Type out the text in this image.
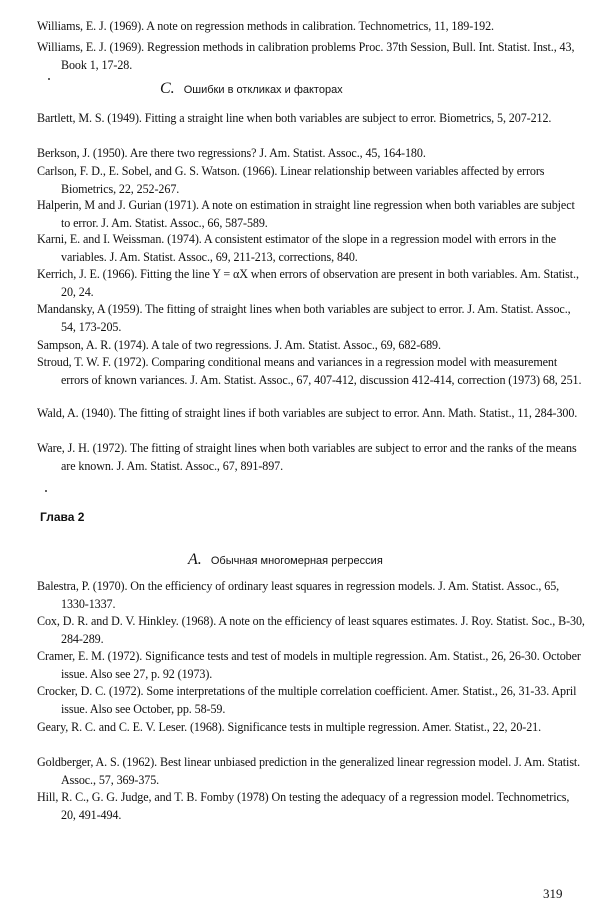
Williams, E. J. (1969). A note on regression methods in calibration. Technometrics, 11, 189-192.
Williams, E. J. (1969). Regression methods in calibration problems Proc. 37th Session, Bull. Int. Statist. Inst., 43, Book 1, 17-28.
C. Ошибки в откликах и факторах
Bartlett, M. S. (1949). Fitting a straight line when both variables are subject to error. Biometrics, 5, 207-212.
Berkson, J. (1950). Are there two regressions? J. Am. Statist. Assoc., 45, 164-180.
Carlson, F. D., E. Sobel, and G. S. Watson. (1966). Linear relationship between variables affected by errors Biometrics, 22, 252-267.
Halperin, M and J. Gurian (1971). A note on estimation in straight line regression when both variables are subject to error. J. Am. Statist. Assoc., 66, 587-589.
Karni, E. and I. Weissman. (1974). A consistent estimator of the slope in a regression model with errors in the variables. J. Am. Statist. Assoc., 69, 211-213, corrections, 840.
Kerrich, J. E. (1966). Fitting the line Y = αX when errors of observation are present in both variables. Am. Statist., 20, 24.
Mandansky, A (1959). The fitting of straight lines when both variables are subject to error. J. Am. Statist. Assoc., 54, 173-205.
Sampson, A. R. (1974). A tale of two regressions. J. Am. Statist. Assoc., 69, 682-689.
Stroud, T. W. F. (1972). Comparing conditional means and variances in a regression model with measurement errors of known variances. J. Am. Statist. Assoc., 67, 407-412, discussion 412-414, correction (1973) 68, 251.
Wald, A. (1940). The fitting of straight lines if both variables are subject to error. Ann. Math. Statist., 11, 284-300.
Ware, J. H. (1972). The fitting of straight lines when both variables are subject to error and the ranks of the means are known. J. Am. Statist. Assoc., 67, 891-897.
Глава 2
A. Обычная многомерная регрессия
Balestra, P. (1970). On the efficiency of ordinary least squares in regression models. J. Am. Statist. Assoc., 65, 1330-1337.
Cox, D. R. and D. V. Hinkley. (1968). A note on the efficiency of least squares estimates. J. Roy. Statist. Soc., B-30, 284-289.
Cramer, E. M. (1972). Significance tests and test of models in multiple regression. Am. Statist., 26, 26-30. October issue. Also see 27, p. 92 (1973).
Crocker, D. C. (1972). Some interpretations of the multiple correlation coefficient. Amer. Statist., 26, 31-33. April issue. Also see October, pp. 58-59.
Geary, R. C. and C. E. V. Leser. (1968). Significance tests in multiple regression. Amer. Statist., 22, 20-21.
Goldberger, A. S. (1962). Best linear unbiased prediction in the generalized linear regression model. J. Am. Statist. Assoc., 57, 369-375.
Hill, R. C., G. G. Judge, and T. B. Fomby (1978) On testing the adequacy of a regression model. Technometrics, 20, 491-494.
319
